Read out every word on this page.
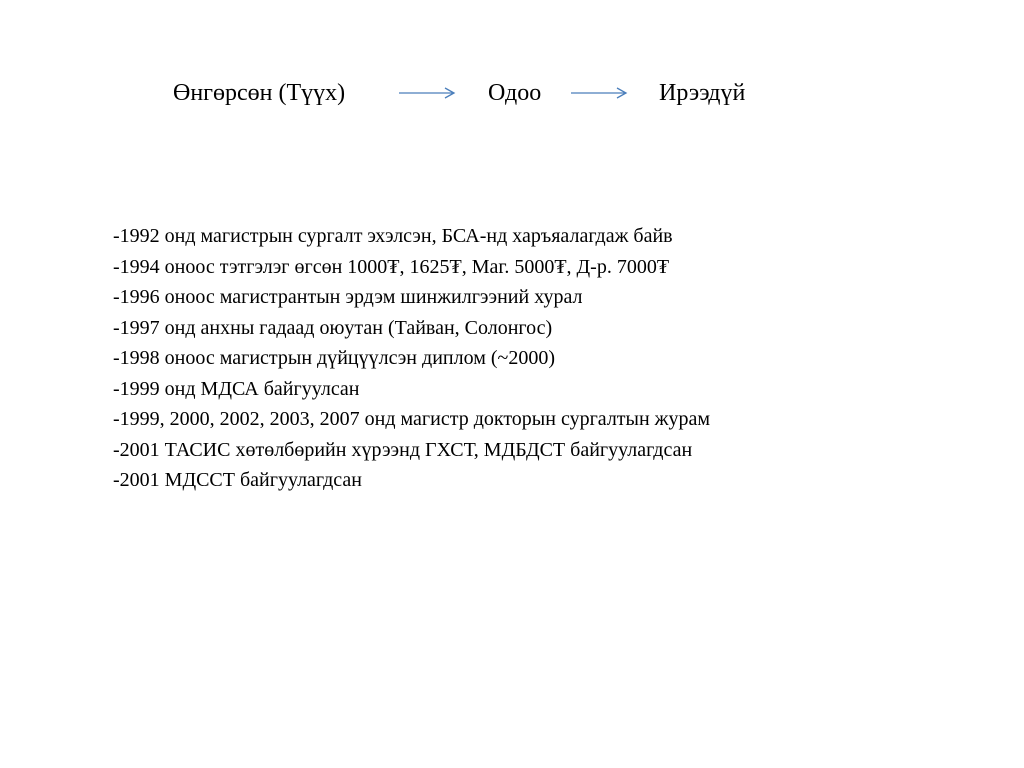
Өнгөрсөн (Түүх)	Одоо	Ирээдүй
-1992 онд магистрын сургалт эхэлсэн, БСА-нд харъяалагдаж байв
-1994 оноос тэтгэлэг өгсөн 1000₮, 1625₮, Маг. 5000₮, Д-р. 7000₮
-1996 оноос магистрантын эрдэм шинжилгээний хурал
-1997 онд анхны гадаад оюутан (Тайван, Солонгос)
-1998 оноос магистрын дүйцүүлсэн диплом (~2000)
-1999 онд МДСА байгуулсан
-1999, 2000, 2002, 2003, 2007 онд магистр докторын сургалтын журам
-2001 ТАСИС хөтөлбөрийн хүрээнд ГХСТ, МДБДСТ байгуулагдсан
-2001 МДССТ байгуулагдсан
